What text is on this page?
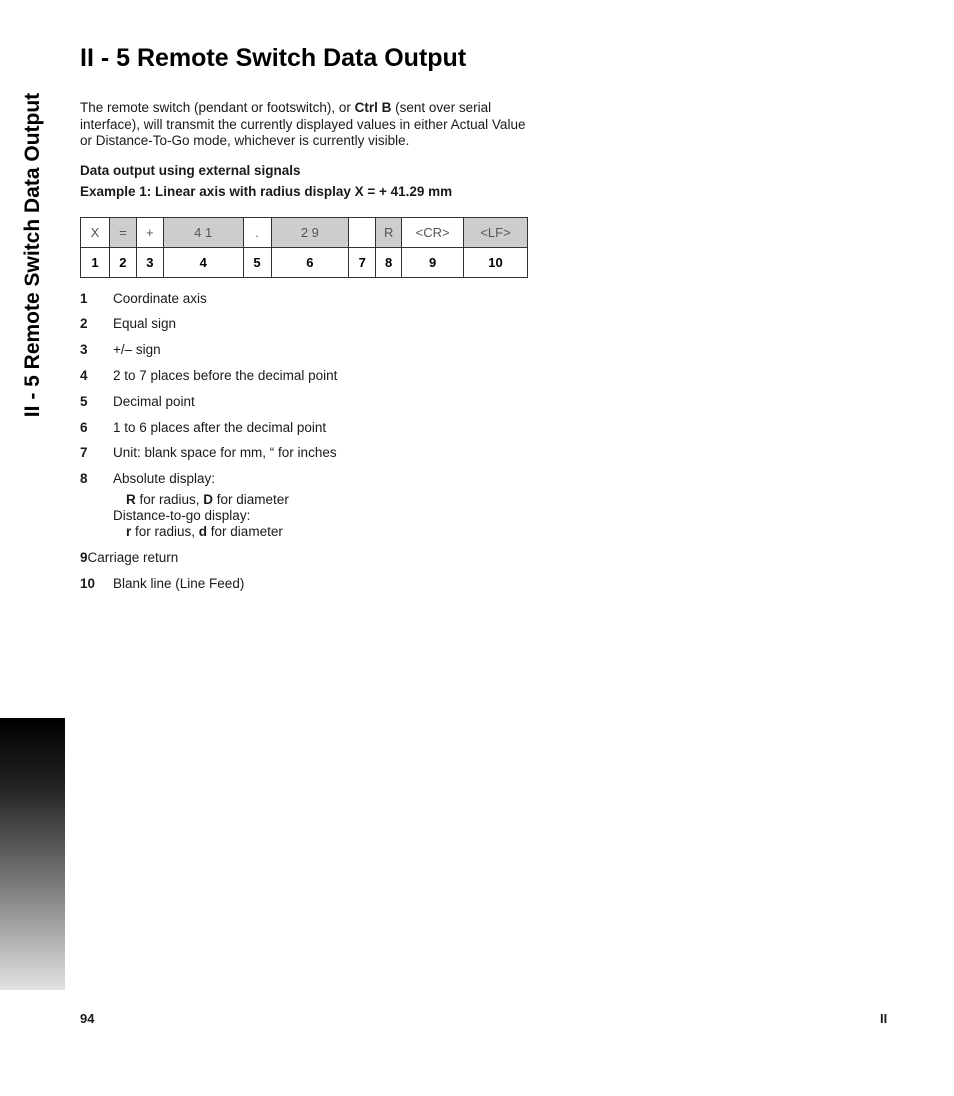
II - 5 Remote Switch Data Output
II - 5 Remote Switch Data Output

The remote switch (pendant or footswitch), or Ctrl B (sent over serial interface), will transmit the currently displayed values in either Actual Value or Distance-To-Go mode, whichever is currently visible.

Data output using external signals

Example 1: Linear axis with radius display X = + 41.29 mm

X	=	+	4 1	.	2 9		R	<CR>	<LF>
1	2	3	4	5	6	7	8	9	10
1 Coordinate axis
2 Equal sign
3 +/– sign
4 2 to 7 places before the decimal point
5 Decimal point
6 1 to 6 places after the decimal point
7 Unit: blank space for mm, “ for inches
8 Absolute display:
R for radius, D for diameter
Distance-to-go display:
r for radius, d for diameter
9Carriage return
10 Blank line (Line Feed)
94	II
